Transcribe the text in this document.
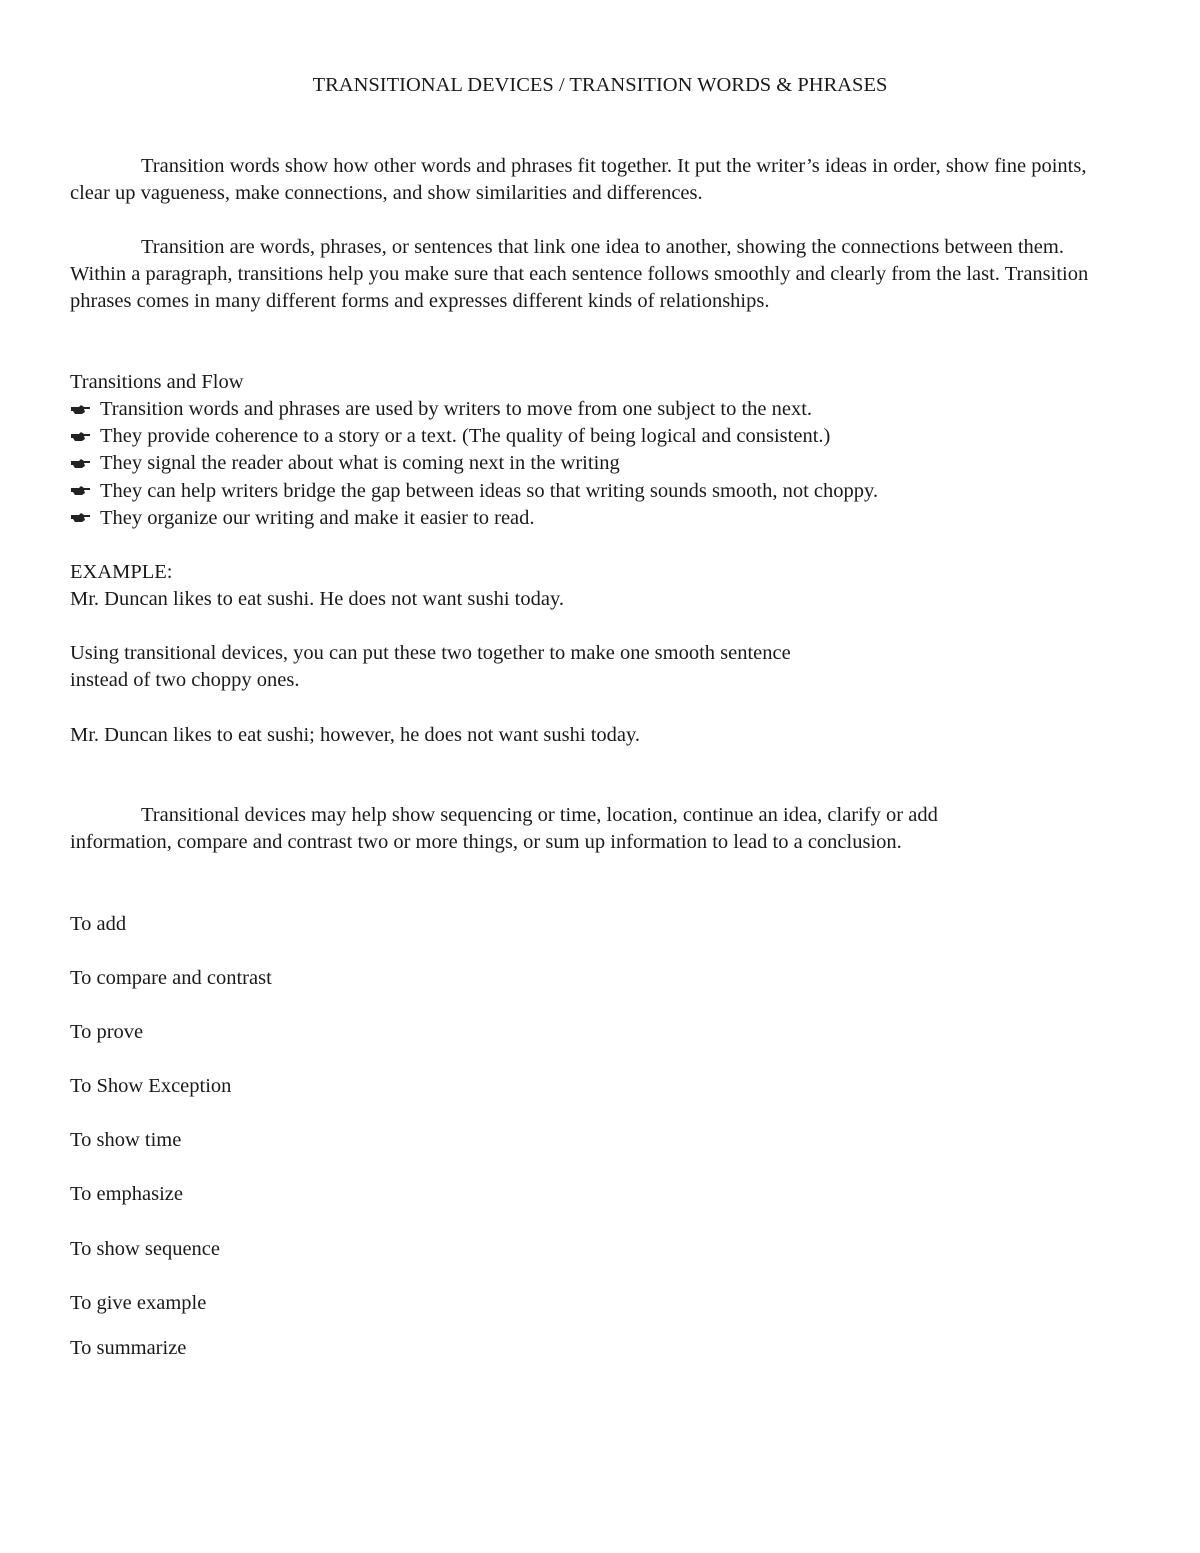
TRANSITIONAL DEVICES / TRANSITION WORDS & PHRASES

Transition words show how other words and phrases fit together. It put the writer’s ideas in order, show fine points, clear up vagueness, make connections, and show similarities and differences.

Transition are words, phrases, or sentences that link one idea to another, showing the connections between them. Within a paragraph, transitions help you make sure that each sentence follows smoothly and clearly from the last. Transition phrases comes in many different forms and expresses different kinds of relationships.

Transitions and Flow
Transition words and phrases are used by writers to move from one subject to the next.
They provide coherence to a story or a text. (The quality of being logical and consistent.)
They signal the reader about what is coming next in the writing
They can help writers bridge the gap between ideas so that writing sounds smooth, not choppy.
They organize our writing and make it easier to read.
EXAMPLE:
Mr. Duncan likes to eat sushi. He does not want sushi today.
Using transitional devices, you can put these two together to make one smooth sentence
instead of two choppy ones.
Mr. Duncan likes to eat sushi; however, he does not want sushi today.

Transitional devices may help show sequencing or time, location, continue an idea, clarify or add information, compare and contrast two or more things, or sum up information to lead to a conclusion.

To add
To compare and contrast
To prove
To Show Exception
To show time
To emphasize
To show sequence
To give example
To summarize
